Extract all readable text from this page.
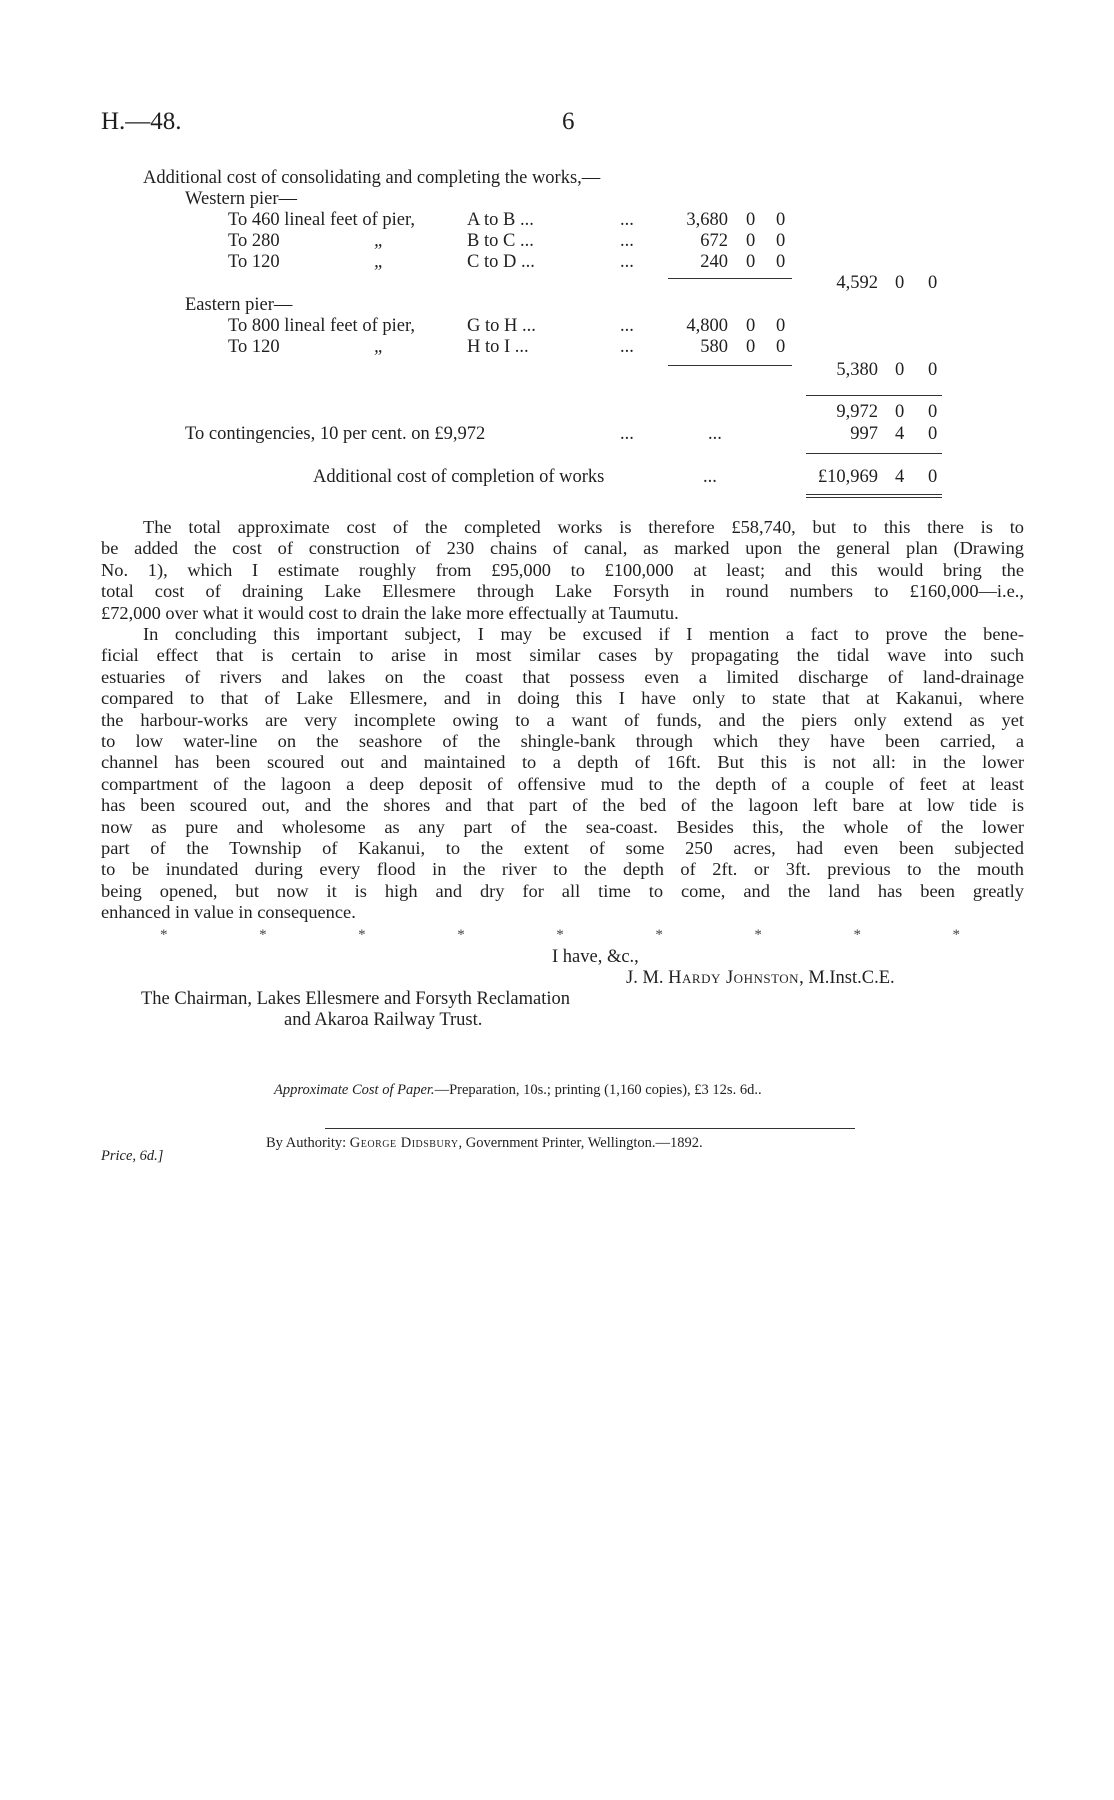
H.—48.	6
Additional cost of consolidating and completing the works,—
Western pier—
To 460 lineal feet of pier,	A to B ...	...	3,680 0 0
To 280	„	B to C ...	...	672 0 0
To 120	„	C to D ...	...	240 0 0
4,592 0 0
Eastern pier—
To 800 lineal feet of pier,	G to H ...	...	4,800 0 0
To 120	„	H to I ...	...	580 0 0
5,380 0 0
9,972 0 0
To contingencies, 10 per cent. on £9,972	...	...	997 4 0
Additional cost of completion of works	...	£10,969 4 0
The total approximate cost of the completed works is therefore £58,740, but to this there is to
be added the cost of construction of 230 chains of canal, as marked upon the general plan (Drawing
No. 1), which I estimate roughly from £95,000 to £100,000 at least; and this would bring the
total cost of draining Lake Ellesmere through Lake Forsyth in round numbers to £160,000—i.e.,
£72,000 over what it would cost to drain the lake more effectually at Taumutu.
In concluding this important subject, I may be excused if I mention a fact to prove the bene-
ficial effect that is certain to arise in most similar cases by propagating the tidal wave into such
estuaries of rivers and lakes on the coast that possess even a limited discharge of land-drainage
compared to that of Lake Ellesmere, and in doing this I have only to state that at Kakanui, where
the harbour-works are very incomplete owing to a want of funds, and the piers only extend as yet
to low water-line on the seashore of the shingle-bank through which they have been carried, a
channel has been scoured out and maintained to a depth of 16ft. But this is not all: in the lower
compartment of the lagoon a deep deposit of offensive mud to the depth of a couple of feet at least
has been scoured out, and the shores and that part of the bed of the lagoon left bare at low tide is
now as pure and wholesome as any part of the sea-coast. Besides this, the whole of the lower
part of the Township of Kakanui, to the extent of some 250 acres, had even been subjected
to be inundated during every flood in the river to the depth of 2ft. or 3ft. previous to the mouth
being opened, but now it is high and dry for all time to come, and the land has been greatly
enhanced in value in consequence.
*	*	*	*	*	*	*	*	*
I have, &c.,
J. M. Hardy Johnston, M.Inst.C.E.
The Chairman, Lakes Ellesmere and Forsyth Reclamation
and Akaroa Railway Trust.
Approximate Cost of Paper.—Preparation, 10s.; printing (1,160 copies), £3 12s. 6d..
By Authority: George Didsbury, Government Printer, Wellington.—1892.
Price, 6d.]
